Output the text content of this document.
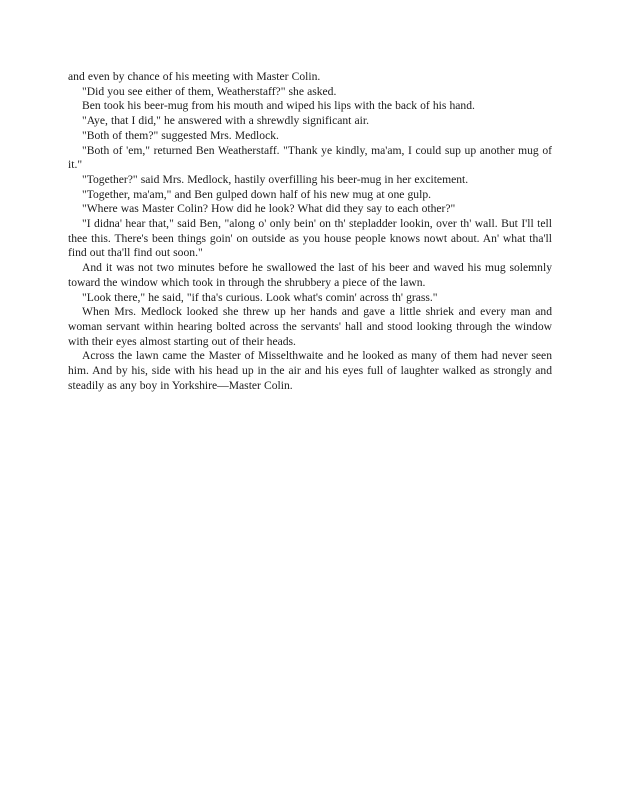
and even by chance of his meeting with Master Colin.

"Did you see either of them, Weatherstaff?" she asked.

Ben took his beer-mug from his mouth and wiped his lips with the back of his hand.

"Aye, that I did," he answered with a shrewdly significant air.

"Both of them?" suggested Mrs. Medlock.

"Both of 'em," returned Ben Weatherstaff. "Thank ye kindly, ma'am, I could sup up another mug of it."

"Together?" said Mrs. Medlock, hastily overfilling his beer-mug in her excitement.

"Together, ma'am," and Ben gulped down half of his new mug at one gulp.

"Where was Master Colin? How did he look? What did they say to each other?"

"I didna' hear that," said Ben, "along o' only bein' on th' stepladder lookin, over th' wall. But I'll tell thee this. There's been things goin' on outside as you house people knows nowt about. An' what tha'll find out tha'll find out soon."

And it was not two minutes before he swallowed the last of his beer and waved his mug solemnly toward the window which took in through the shrubbery a piece of the lawn.

"Look there," he said, "if tha's curious. Look what's comin' across th' grass."

When Mrs. Medlock looked she threw up her hands and gave a little shriek and every man and woman servant within hearing bolted across the servants' hall and stood looking through the window with their eyes almost starting out of their heads.

Across the lawn came the Master of Misselthwaite and he looked as many of them had never seen him. And by his, side with his head up in the air and his eyes full of laughter walked as strongly and steadily as any boy in Yorkshire—Master Colin.
